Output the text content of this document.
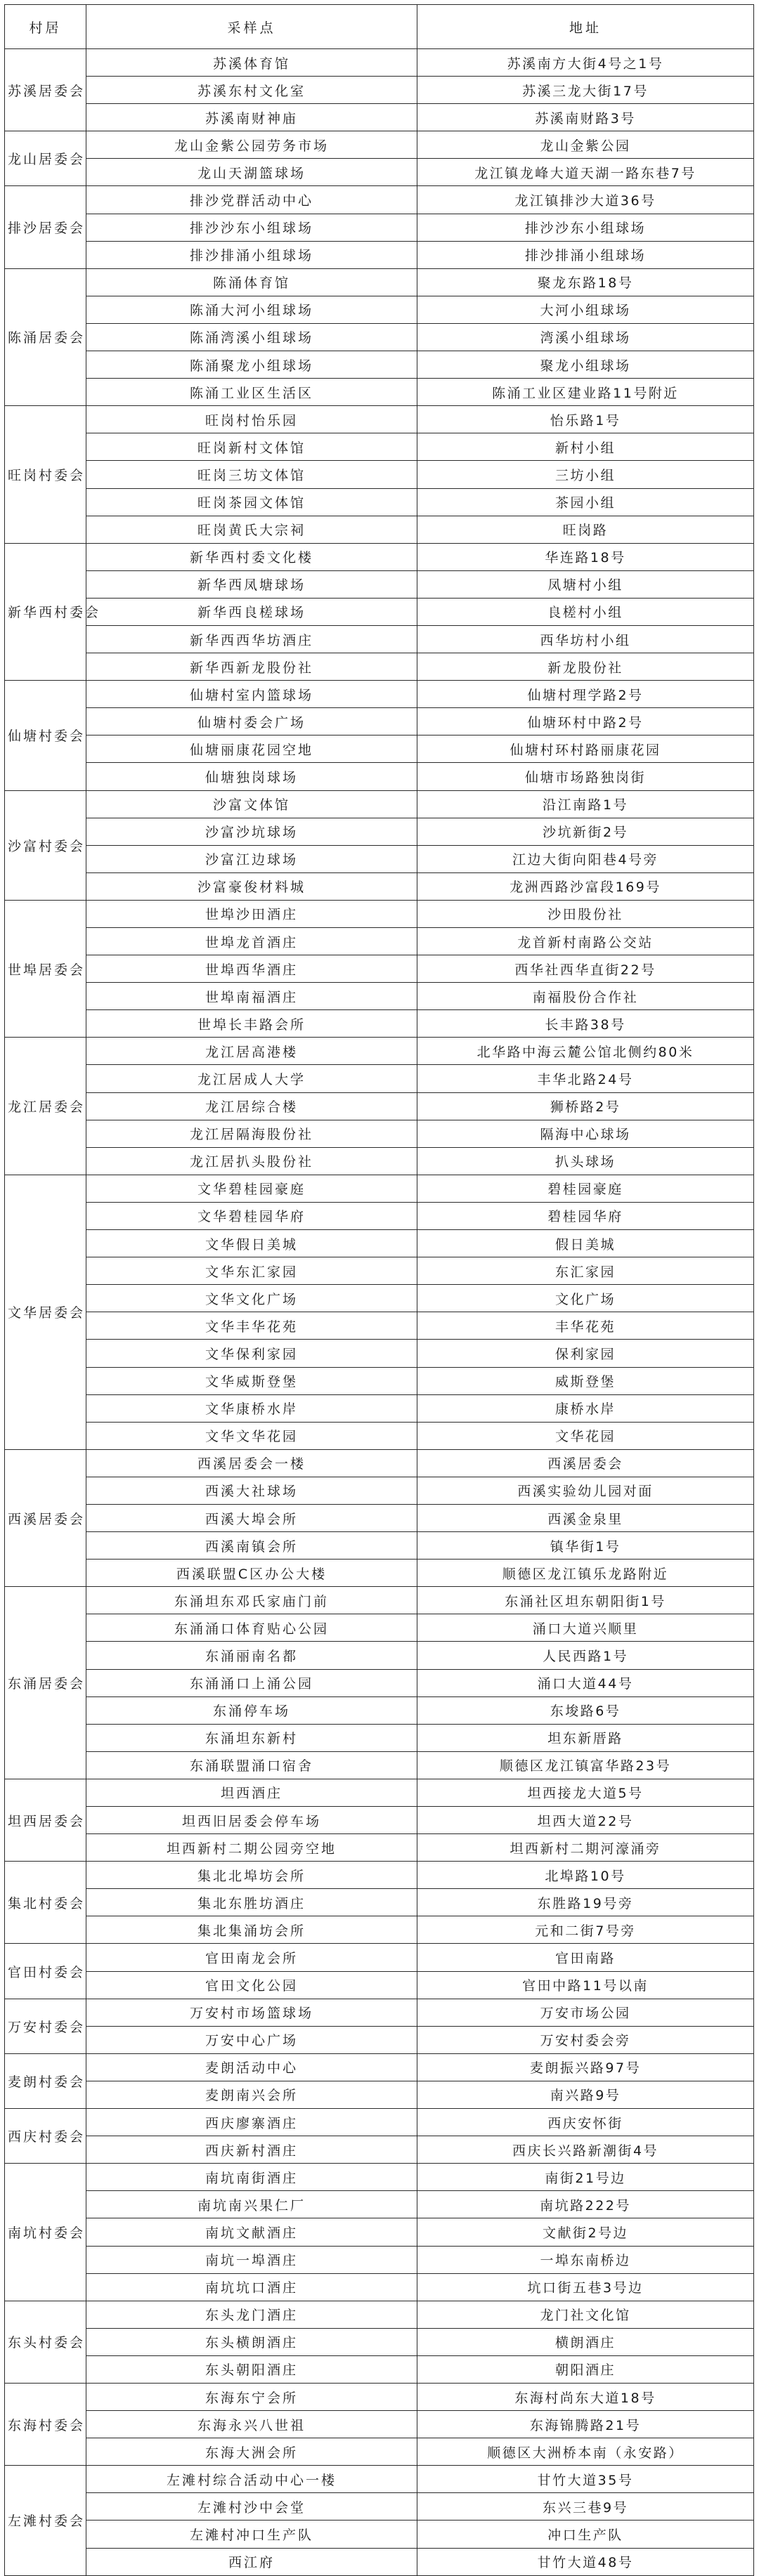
村居	采样点	地址
苏溪居委会	苏溪体育馆	苏溪南方大街4号之1号
	苏溪东村文化室	苏溪三龙大街17号
	苏溪南财神庙	苏溪南财路3号
龙山居委会	龙山金紫公园劳务市场	龙山金紫公园
	龙山天湖篮球场	龙江镇龙峰大道天湖一路东巷7号
排沙居委会	排沙党群活动中心	龙江镇排沙大道36号
	排沙沙东小组球场	排沙沙东小组球场
	排沙排涌小组球场	排沙排涌小组球场
陈涌居委会	陈涌体育馆	聚龙东路18号
	陈涌大河小组球场	大河小组球场
	陈涌湾溪小组球场	湾溪小组球场
	陈涌聚龙小组球场	聚龙小组球场
	陈涌工业区生活区	陈涌工业区建业路11号附近
旺岗村委会	旺岗村怡乐园	怡乐路1号
	旺岗新村文体馆	新村小组
	旺岗三坊文体馆	三坊小组
	旺岗茶园文体馆	茶园小组
	旺岗黄氏大宗祠	旺岗路
新华西村委会	新华西村委文化楼	华连路18号
	新华西凤塘球场	凤塘村小组
	新华西良槎球场	良槎村小组
	新华西西华坊酒庄	西华坊村小组
	新华西新龙股份社	新龙股份社
仙塘村委会	仙塘村室内篮球场	仙塘村理学路2号
	仙塘村委会广场	仙塘环村中路2号
	仙塘丽康花园空地	仙塘村环村路丽康花园
	仙塘独岗球场	仙塘市场路独岗街
沙富村委会	沙富文体馆	沿江南路1号
	沙富沙坑球场	沙坑新街2号
	沙富江边球场	江边大街向阳巷4号旁
	沙富豪俊材料城	龙洲西路沙富段169号
世埠居委会	世埠沙田酒庄	沙田股份社
	世埠龙首酒庄	龙首新村南路公交站
	世埠西华酒庄	西华社西华直街22号
	世埠南福酒庄	南福股份合作社
	世埠长丰路会所	长丰路38号
龙江居委会	龙江居高港楼	北华路中海云麓公馆北侧约80米
	龙江居成人大学	丰华北路24号
	龙江居综合楼	狮桥路2号
	龙江居隔海股份社	隔海中心球场
	龙江居扒头股份社	扒头球场
文华居委会	文华碧桂园豪庭	碧桂园豪庭
	文华碧桂园华府	碧桂园华府
	文华假日美城	假日美城
	文华东汇家园	东汇家园
	文华文化广场	文化广场
	文华丰华花苑	丰华花苑
	文华保利家园	保利家园
	文华威斯登堡	威斯登堡
	文华康桥水岸	康桥水岸
	文华文华花园	文华花园
西溪居委会	西溪居委会一楼	西溪居委会
	西溪大社球场	西溪实验幼儿园对面
	西溪大埠会所	西溪金泉里
	西溪南镇会所	镇华街1号
	西溪联盟C区办公大楼	顺德区龙江镇乐龙路附近
东涌居委会	东涌坦东邓氏家庙门前	东涌社区坦东朝阳街1号
	东涌涌口体育贴心公园	涌口大道兴顺里
	东涌丽南名都	人民西路1号
	东涌涌口上涌公园	涌口大道44号
	东涌停车场	东埈路6号
	东涌坦东新村	坦东新厝路
	东涌联盟涌口宿舍	顺德区龙江镇富华路23号
坦西居委会	坦西酒庄	坦西接龙大道5号
	坦西旧居委会停车场	坦西大道22号
	坦西新村二期公园旁空地	坦西新村二期河濠涌旁
集北村委会	集北北埠坊会所	北埠路10号
	集北东胜坊酒庄	东胜路19号旁
	集北集涌坊会所	元和二街7号旁
官田村委会	官田南龙会所	官田南路
	官田文化公园	官田中路11号以南
万安村委会	万安村市场篮球场	万安市场公园
	万安中心广场	万安村委会旁
麦朗村委会	麦朗活动中心	麦朗振兴路97号
	麦朗南兴会所	南兴路9号
西庆村委会	西庆廖寨酒庄	西庆安怀街
	西庆新村酒庄	西庆长兴路新潮街4号
南坑村委会	南坑南街酒庄	南街21号边
	南坑南兴果仁厂	南坑路222号
	南坑文献酒庄	文献街2号边
	南坑一埠酒庄	一埠东南桥边
	南坑坑口酒庄	坑口街五巷3号边
东头村委会	东头龙门酒庄	龙门社文化馆
	东头横朗酒庄	横朗酒庄
	东头朝阳酒庄	朝阳酒庄
东海村委会	东海东宁会所	东海村尚东大道18号
	东海永兴八世祖	东海锦腾路21号
	东海大洲会所	顺德区大洲桥本南（永安路）
左滩村委会	左滩村综合活动中心一楼	甘竹大道35号
	左滩村沙中会堂	东兴三巷9号
	左滩村冲口生产队	冲口生产队
	西江府	甘竹大道48号
